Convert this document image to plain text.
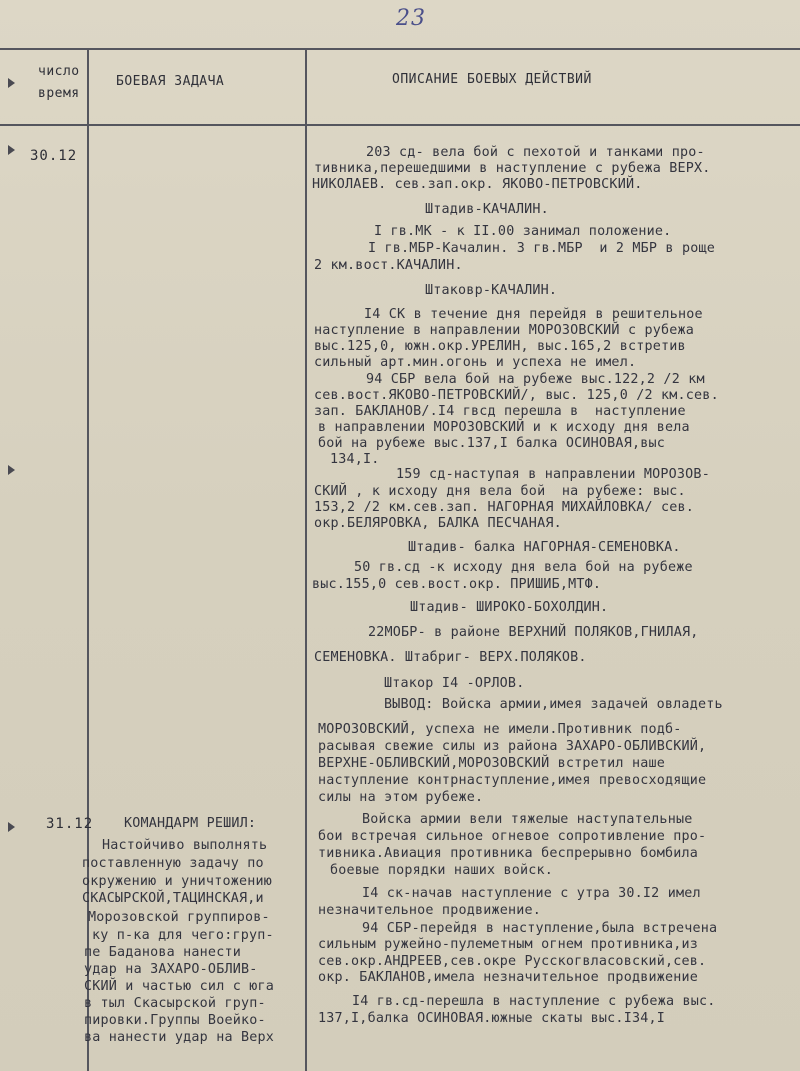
23
число
время
БОЕВАЯ ЗАДАЧА	ОПИСАНИЕ БОЕВЫХ ДЕЙСТВИЙ
30.12
31.12 КОМАНДАРМ РЕШИЛ:
Настойчиво выполнять
поставленную задачу по
окружению и уничтожению
СКАСЫРСКОЙ,ТАЦИНСКАЯ,и
Морозовской группиров-
ку п-ка для чего:груп-
пе Баданова нанести
удар на ЗАХАРО-ОБЛИВ-
СКИЙ и частью сил с юга
в тыл Скасырской груп-
пировки.Группы Воейко-
ва нанести удар на Верх
203 сд- вела бой с пехотой и танками про-
тивника,перешедшими в наступление с рубежа ВЕРХ.
НИКОЛАЕВ. сев.зап.окр. ЯКОВО-ПЕТРОВСКИЙ.
Штадив-КАЧАЛИН.
I гв.МК - к II.00 занимал положение.
I гв.МБР-Качалин. 3 гв.МБР  и 2 МБР в роще
2 км.вост.КАЧАЛИН.
Штаковр-КАЧАЛИН.
I4 СК в течение дня перейдя в решительное
наступление в направлении МОРОЗОВСКИЙ с рубежа
выс.125,0, южн.окр.УРЕЛИН, выс.165,2 встретив
сильный арт.мин.огонь и успеха не имел.
94 СБР вела бой на рубеже выс.122,2 /2 км
сев.вост.ЯКОВО-ПЕТРОВСКИЙ/, выс. 125,0 /2 км.сев.
зап. БАКЛАНОВ/.I4 гвсд перешла в  наступление
в направлении МОРОЗОВСКИЙ и к исходу дня вела
бой на рубеже выс.137,I балка ОСИНОВАЯ,выс
134,I.
159 сд-наступая в направлении МОРОЗОВ-
СКИЙ , к исходу дня вела бой  на рубеже: выс.
153,2 /2 км.сев.зап. НАГОРНАЯ МИХАЙЛОВКА/ сев.
окр.БЕЛЯРОВКА, БАЛКА ПЕСЧАНАЯ.
Штадив- балка НАГОРНАЯ-СЕМЕНОВКА.
50 гв.сд -к исходу дня вела бой на рубеже
выс.155,0 сев.вост.окр. ПРИШИБ,МТФ.
Штадив- ШИРОКО-БОХОЛДИН.
22МОБР- в районе ВЕРХНИЙ ПОЛЯКОВ,ГНИЛАЯ,
СЕМЕНОВКА. Штабриг- ВЕРХ.ПОЛЯКОВ.
Штакор I4 -ОРЛОВ.
ВЫВОД: Войска армии,имея задачей овладеть
МОРОЗОВСКИЙ, успеха не имели.Противник подб-
расывая свежие силы из района ЗАХАРО-ОБЛИВСКИЙ,
ВЕРХНЕ-ОБЛИВСКИЙ,МОРОЗОВСКИЙ встретил наше
наступление контрнаступление,имея превосходящие
силы на этом рубеже.
Войска армии вели тяжелые наступательные
бои встречая сильное огневое сопротивление про-
тивника.Авиация противника беспрерывно бомбила
боевые порядки наших войск.
I4 ск-начав наступление с утра 30.I2 имел
незначительное продвижение.
94 СБР-перейдя в наступление,была встречена
сильным ружейно-пулеметным огнем противника,из
сев.окр.АНДРЕЕВ,сев.окре Русскогвласовский,сев.
окр. БАКЛАНОВ,имела незначительное продвижение
I4 гв.сд-перешла в наступление с рубежа выс.
137,I,балка ОСИНОВАЯ.южные скаты выс.I34,I
